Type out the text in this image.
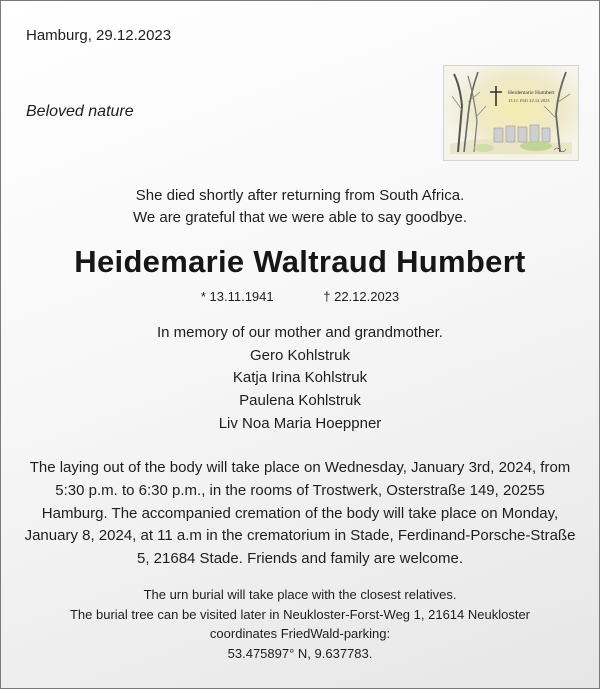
Hamburg, 29.12.2023
Beloved nature
Heidemarie Humbert
13.11.1941 22.12.2023
She died shortly after returning from South Africa.
We are grateful that we were able to say goodbye.
Heidemarie Waltraud Humbert
* 13.11.1941	† 22.12.2023
In memory of our mother and grandmother.
Gero Kohlstruk
Katja Irina Kohlstruk
Paulena Kohlstruk
Liv Noa Maria Hoeppner
The laying out of the body will take place on Wednesday, January 3rd, 2024, from 5:30 p.m. to 6:30 p.m., in the rooms of Trostwerk, Osterstraße 149, 20255 Hamburg. The accompanied cremation of the body will take place on Monday, January 8, 2024, at 11 a.m in the crematorium in Stade, Ferdinand-Porsche-Straße 5, 21684 Stade. Friends and family are welcome.
The urn burial will take place with the closest relatives.
The burial tree can be visited later in Neukloster-Forst-Weg 1, 21614 Neukloster
coordinates FriedWald-parking:
53.475897° N, 9.637783.
